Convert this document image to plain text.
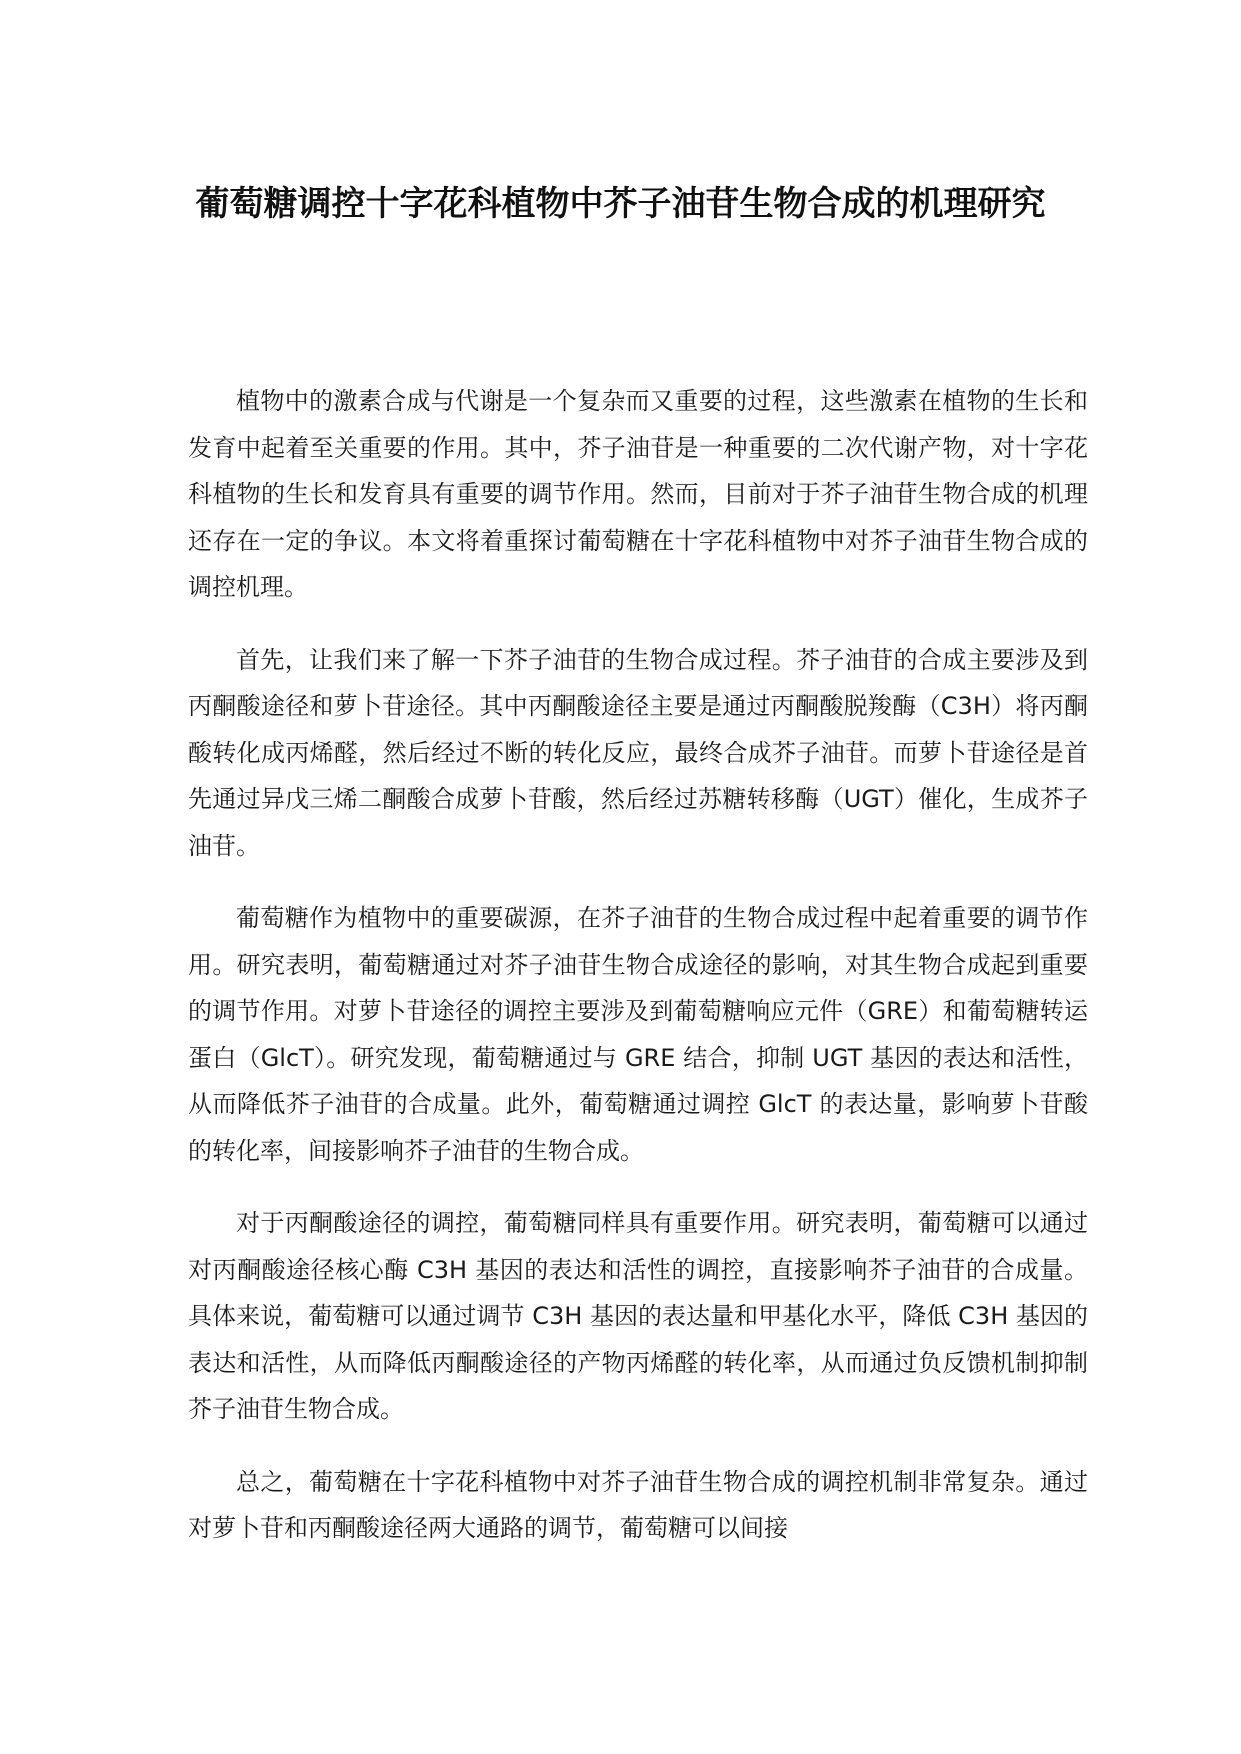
葡萄糖调控十字花科植物中芥子油苷生物合成的机理研究

植物中的激素合成与代谢是一个复杂而又重要的过程，这些激素在植物的生长和发育中起着至关重要的作用。其中，芥子油苷是一种重要的二次代谢产物，对十字花科植物的生长和发育具有重要的调节作用。然而，目前对于芥子油苷生物合成的机理还存在一定的争议。本文将着重探讨葡萄糖在十字花科植物中对芥子油苷生物合成的调控机理。

首先，让我们来了解一下芥子油苷的生物合成过程。芥子油苷的合成主要涉及到丙酮酸途径和萝卜苷途径。其中丙酮酸途径主要是通过丙酮酸脱羧酶（C3H）将丙酮酸转化成丙烯醛，然后经过不断的转化反应，最终合成芥子油苷。而萝卜苷途径是首先通过异戊三烯二酮酸合成萝卜苷酸，然后经过苏糖转移酶（UGT）催化，生成芥子油苷。

葡萄糖作为植物中的重要碳源，在芥子油苷的生物合成过程中起着重要的调节作用。研究表明，葡萄糖通过对芥子油苷生物合成途径的影响，对其生物合成起到重要的调节作用。对萝卜苷途径的调控主要涉及到葡萄糖响应元件（GRE）和葡萄糖转运蛋白（GlcT）。研究发现，葡萄糖通过与 GRE 结合，抑制 UGT 基因的表达和活性，从而降低芥子油苷的合成量。此外，葡萄糖通过调控 GlcT 的表达量，影响萝卜苷酸的转化率，间接影响芥子油苷的生物合成。

对于丙酮酸途径的调控，葡萄糖同样具有重要作用。研究表明，葡萄糖可以通过对丙酮酸途径核心酶 C3H 基因的表达和活性的调控，直接影响芥子油苷的合成量。具体来说，葡萄糖可以通过调节 C3H 基因的表达量和甲基化水平，降低 C3H 基因的表达和活性，从而降低丙酮酸途径的产物丙烯醛的转化率，从而通过负反馈机制抑制芥子油苷生物合成。

总之，葡萄糖在十字花科植物中对芥子油苷生物合成的调控机制非常复杂。通过对萝卜苷和丙酮酸途径两大通路的调节，葡萄糖可以间接
